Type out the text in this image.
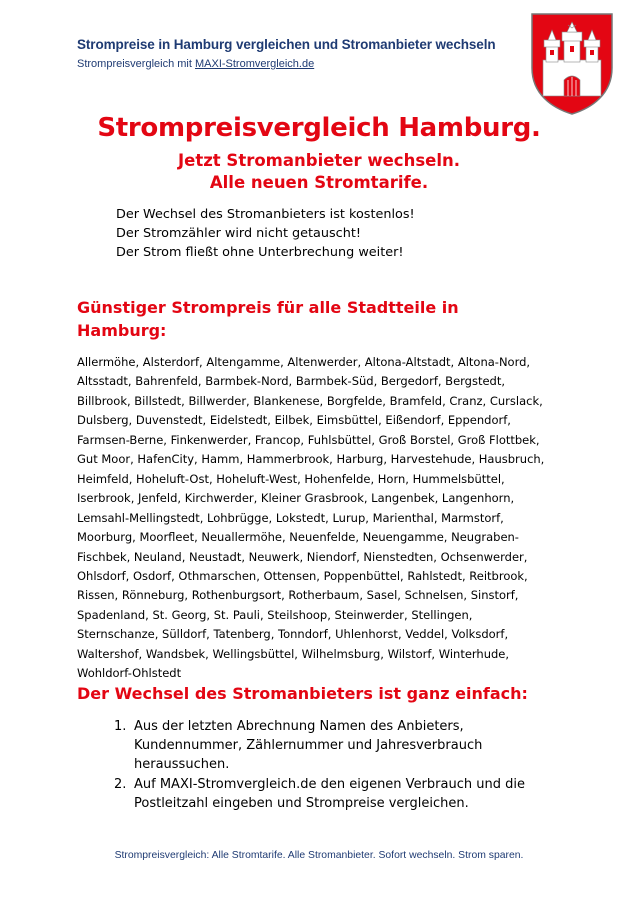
Strompreise in Hamburg vergleichen und Stromanbieter wechseln
Strompreisvergleich mit MAXI-Stromvergleich.de
Strompreisvergleich Hamburg.
Jetzt Stromanbieter wechseln.
Alle neuen Stromtarife.
Der Wechsel des Stromanbieters ist kostenlos!
Der Stromzähler wird nicht getauscht!
Der Strom fließt ohne Unterbrechung weiter!
Günstiger Strompreis für alle Stadtteile in
Hamburg:
Allermöhe, Alsterdorf, Altengamme, Altenwerder, Altona-Altstadt, Altona-Nord,
Altsstadt, Bahrenfeld, Barmbek-Nord, Barmbek-Süd, Bergedorf, Bergstedt,
Billbrook, Billstedt, Billwerder, Blankenese, Borgfelde, Bramfeld, Cranz, Curslack,
Dulsberg, Duvenstedt, Eidelstedt, Eilbek, Eimsbüttel, Eißendorf, Eppendorf,
Farmsen-Berne, Finkenwerder, Francop, Fuhlsbüttel, Groß Borstel, Groß Flottbek,
Gut Moor, HafenCity, Hamm, Hammerbrook, Harburg, Harvestehude, Hausbruch,
Heimfeld, Hoheluft-Ost, Hoheluft-West, Hohenfelde, Horn, Hummelsbüttel,
Iserbrook, Jenfeld, Kirchwerder, Kleiner Grasbrook, Langenbek, Langenhorn,
Lemsahl-Mellingstedt, Lohbrügge, Lokstedt, Lurup, Marienthal, Marmstorf,
Moorburg, Moorfleet, Neuallermöhe, Neuenfelde, Neuengamme, Neugraben-
Fischbek, Neuland, Neustadt, Neuwerk, Niendorf, Nienstedten, Ochsenwerder,
Ohlsdorf, Osdorf, Othmarschen, Ottensen, Poppenbüttel, Rahlstedt, Reitbrook,
Rissen, Rönneburg, Rothenburgsort, Rotherbaum, Sasel, Schnelsen, Sinstorf,
Spadenland, St. Georg, St. Pauli, Steilshoop, Steinwerder, Stellingen,
Sternschanze, Sülldorf, Tatenberg, Tonndorf, Uhlenhorst, Veddel, Volksdorf,
Waltershof, Wandsbek, Wellingsbüttel, Wilhelmsburg, Wilstorf, Winterhude,
Wohldorf-Ohlstedt
Der Wechsel des Stromanbieters ist ganz einfach:
1. Aus der letzten Abrechnung Namen des Anbieters,
Kundennummer, Zählernummer und Jahresverbrauch
heraussuchen.
2. Auf MAXI-Stromvergleich.de den eigenen Verbrauch und die
Postleitzahl eingeben und Strompreise vergleichen.
Strompreisvergleich: Alle Stromtarife. Alle Stromanbieter. Sofort wechseln. Strom sparen.
